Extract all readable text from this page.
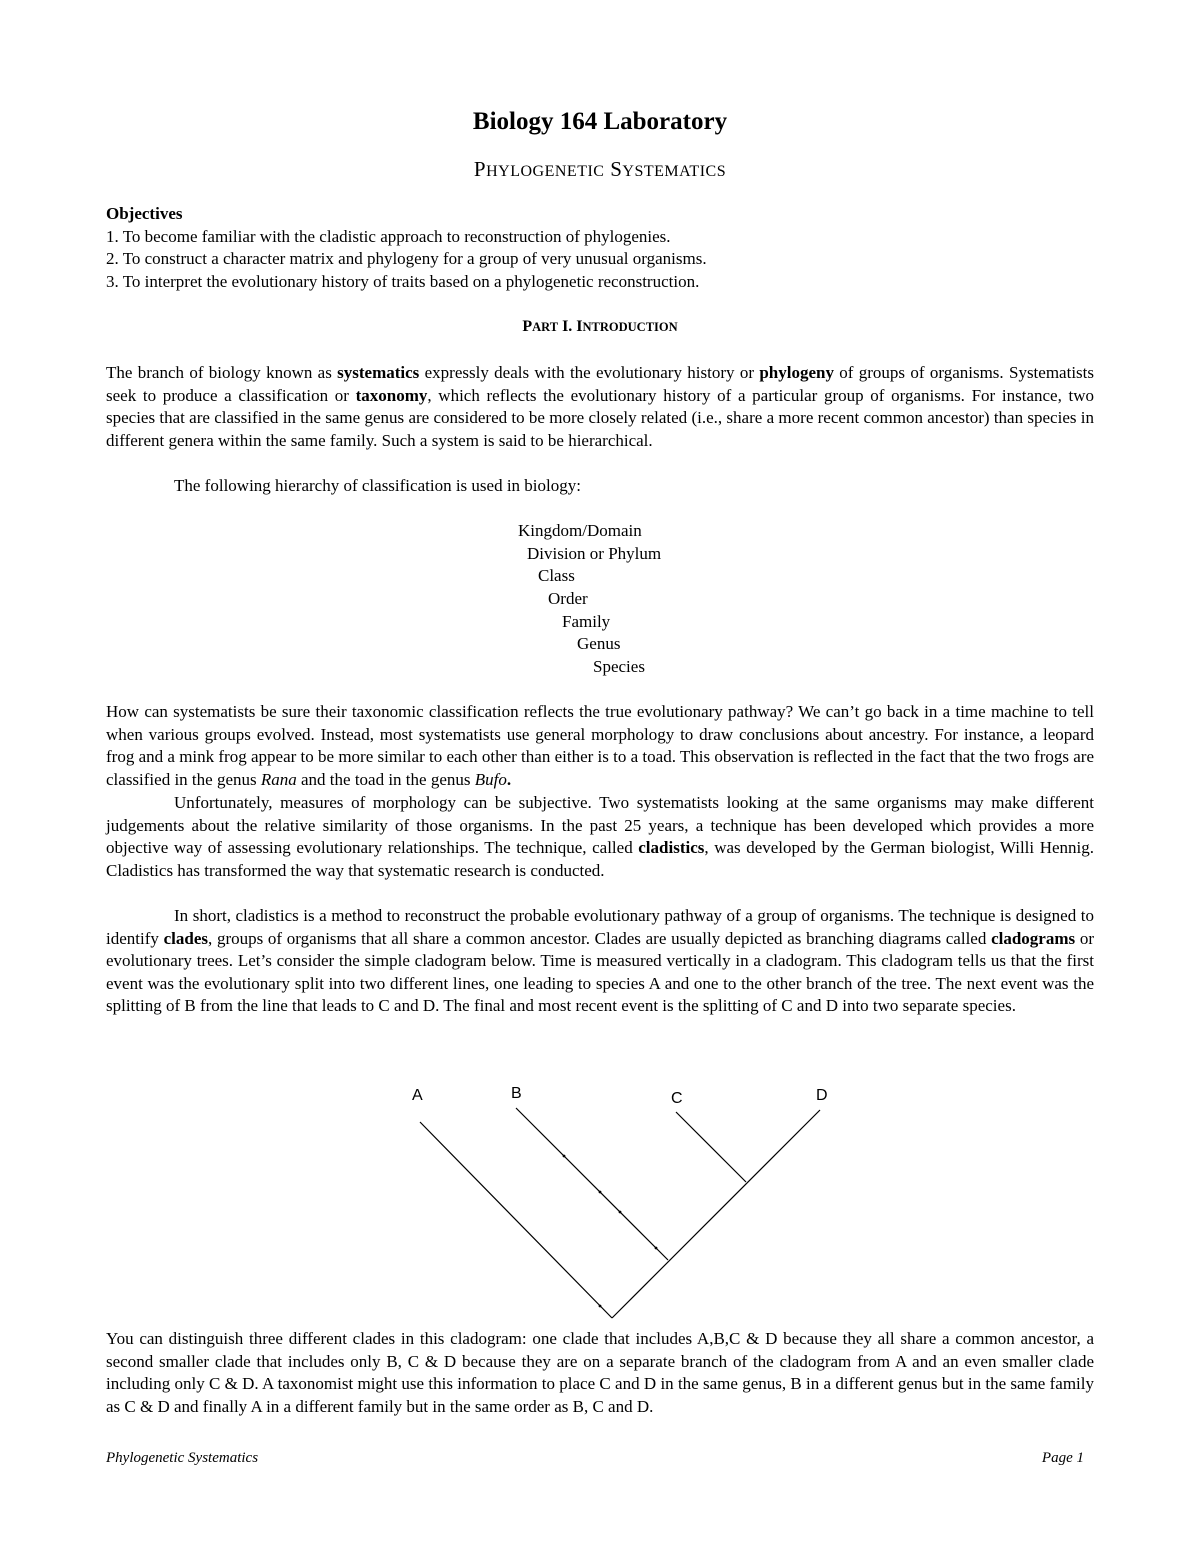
Biology 164 Laboratory
PHYLOGENETIC SYSTEMATICS
Objectives
1. To become familiar with the cladistic approach to reconstruction of phylogenies.
2. To construct a character matrix and phylogeny for a group of very unusual organisms.
3. To interpret the evolutionary history of traits based on a phylogenetic reconstruction.
PART I. INTRODUCTION

The branch of biology known as systematics expressly deals with the evolutionary history or phylogeny of groups of organisms. Systematists seek to produce a classification or taxonomy, which reflects the evolutionary history of a particular group of organisms. For instance, two species that are classified in the same genus are considered to be more closely related (i.e., share a more recent common ancestor) than species in different genera within the same family. Such a system is said to be hierarchical.

The following hierarchy of classification is used in biology:

Kingdom/Domain
Division or Phylum
Class
Order
Family
Genus
Species

How can systematists be sure their taxonomic classification reflects the true evolutionary pathway? We can’t go back in a time machine to tell when various groups evolved. Instead, most systematists use general morphology to draw conclusions about ancestry. For instance, a leopard frog and a mink frog appear to be more similar to each other than either is to a toad. This observation is reflected in the fact that the two frogs are classified in the genus Rana and the toad in the genus Bufo.

Unfortunately, measures of morphology can be subjective. Two systematists looking at the same organisms may make different judgements about the relative similarity of those organisms. In the past 25 years, a technique has been developed which provides a more objective way of assessing evolutionary relationships. The technique, called cladistics, was developed by the German biologist, Willi Hennig. Cladistics has transformed the way that systematic research is conducted.

In short, cladistics is a method to reconstruct the probable evolutionary pathway of a group of organisms. The technique is designed to identify clades, groups of organisms that all share a common ancestor. Clades are usually depicted as branching diagrams called cladograms or evolutionary trees. Let’s consider the simple cladogram below. Time is measured vertically in a cladogram. This cladogram tells us that the first event was the evolutionary split into two different lines, one leading to species A and one to the other branch of the tree. The next event was the splitting of B from the line that leads to C and D. The final and most recent event is the splitting of C and D into two separate species.

A	B	C	D

You can distinguish three different clades in this cladogram: one clade that includes A,B,C & D because they all share a common ancestor, a second smaller clade that includes only B, C & D because they are on a separate branch of the cladogram from A and an even smaller clade including only C & D. A taxonomist might use this information to place C and D in the same genus, B in a different genus but in the same family as C & D and finally A in a different family but in the same order as B, C and D.

Phylogenetic Systematics	Page 1
